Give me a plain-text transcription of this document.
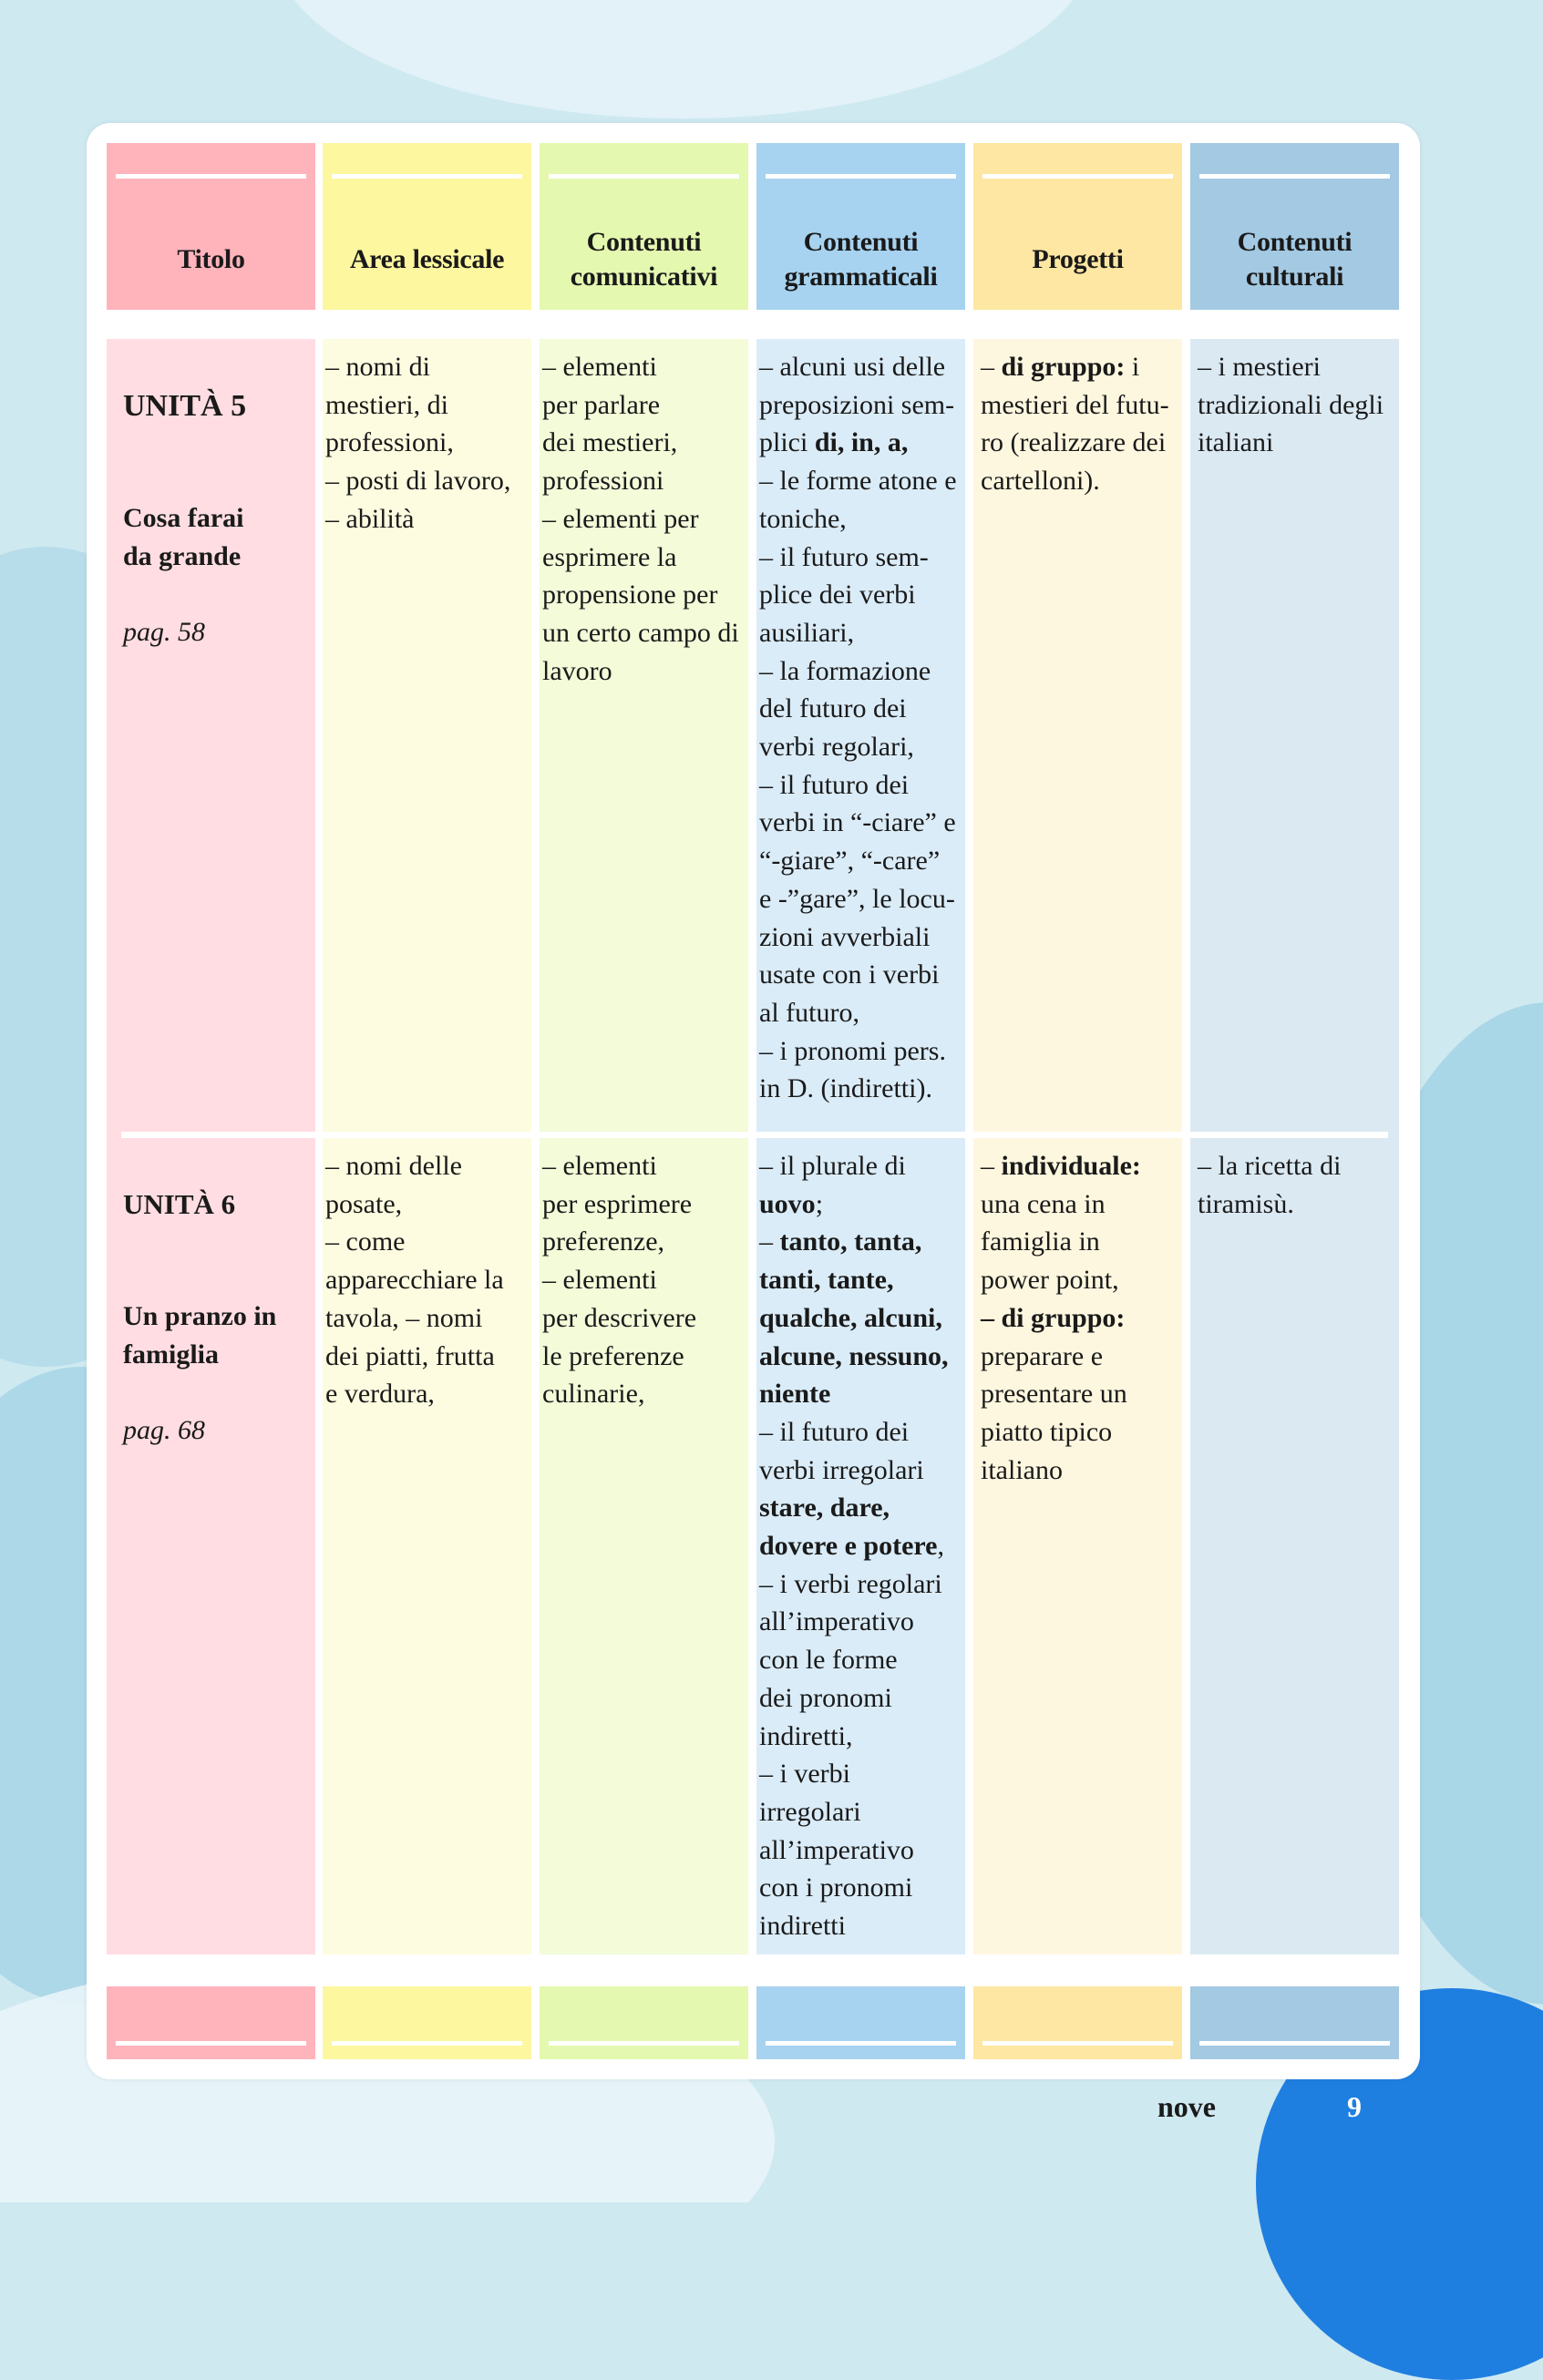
Titolo	Area lessicale
Contenuti
comunicativi
Contenuti
grammaticali
Progetti
Contenuti culturali

UNITÀ 5

Cosa farai
da grande

pag. 58

– nomi di
mestieri, di
professioni,
– posti di lavoro,
– abilità
– elementi
per parlare
dei mestieri,
professioni
– elementi per
esprimere la
propensione per
un certo campo di
lavoro
– alcuni usi delle
preposizioni sem-
plici di, in, a,
– le forme atone e
toniche,
– il futuro sem-
plice dei verbi
ausiliari,
– la formazione
del futuro dei
verbi regolari,
– il futuro dei
verbi in “-ciare” e
“-giare”, “-care”
e -”gare”, le locu-
zioni avverbiali
usate con i verbi
al futuro,
– i pronomi pers.
in D. (indiretti).
– di gruppo: i
mestieri del futu-
ro (realizzare dei
cartelloni).
– i mestieri
tradizionali degli
italiani

UNITÀ 6

Un pranzo in
famiglia

pag. 68

– nomi delle
posate,
– come
apparecchiare la
tavola, – nomi
dei piatti, frutta
e verdura,
– elementi
per esprimere
preferenze,
– elementi
per descrivere
le preferenze
culinarie,
– il plurale di
uovo;
– tanto, tanta,
tanti, tante,
qualche, alcuni,
alcune, nessuno,
niente
– il futuro dei
verbi irregolari
stare, dare,
dovere e potere,
– i verbi regolari
all’imperativo
con le forme
dei pronomi
indiretti,
– i verbi
irregolari
all’imperativo
con i pronomi
indiretti
– individuale:
una cena in
famiglia in
power point,
– di gruppo:
preparare e
presentare un
piatto tipico
italiano
– la ricetta di
tiramisù.
nove	9
